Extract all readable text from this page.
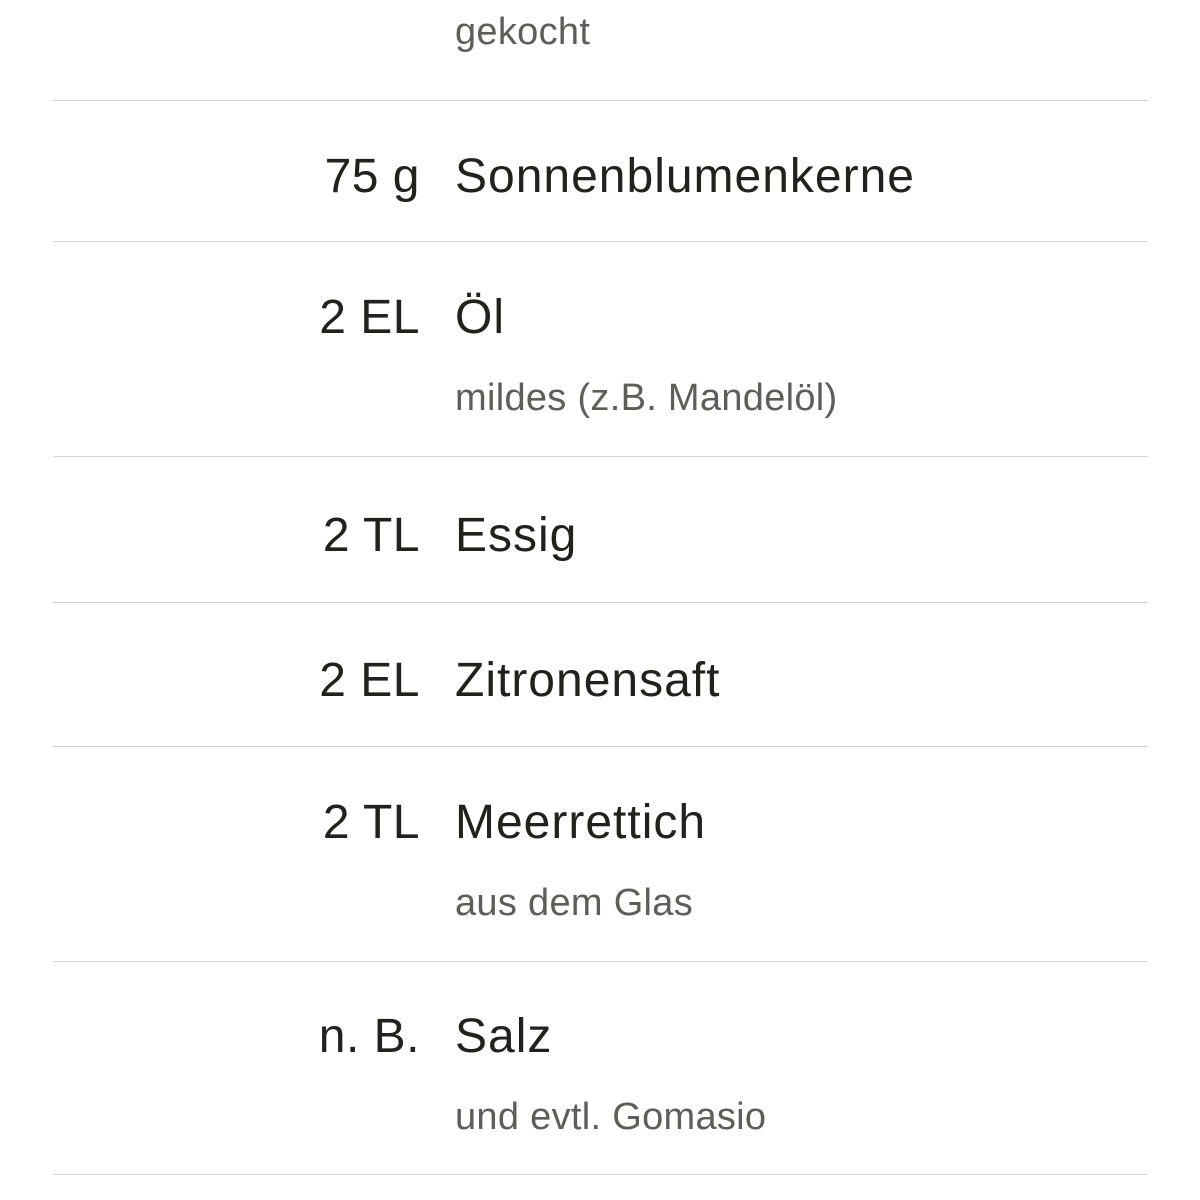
gekocht
75 g Sonnenblumenkerne
2 EL Öl
mildes (z.B. Mandelöl)
2 TL Essig
2 EL Zitronensaft
2 TL Meerrettich
aus dem Glas
n. B. Salz
und evtl. Gomasio
